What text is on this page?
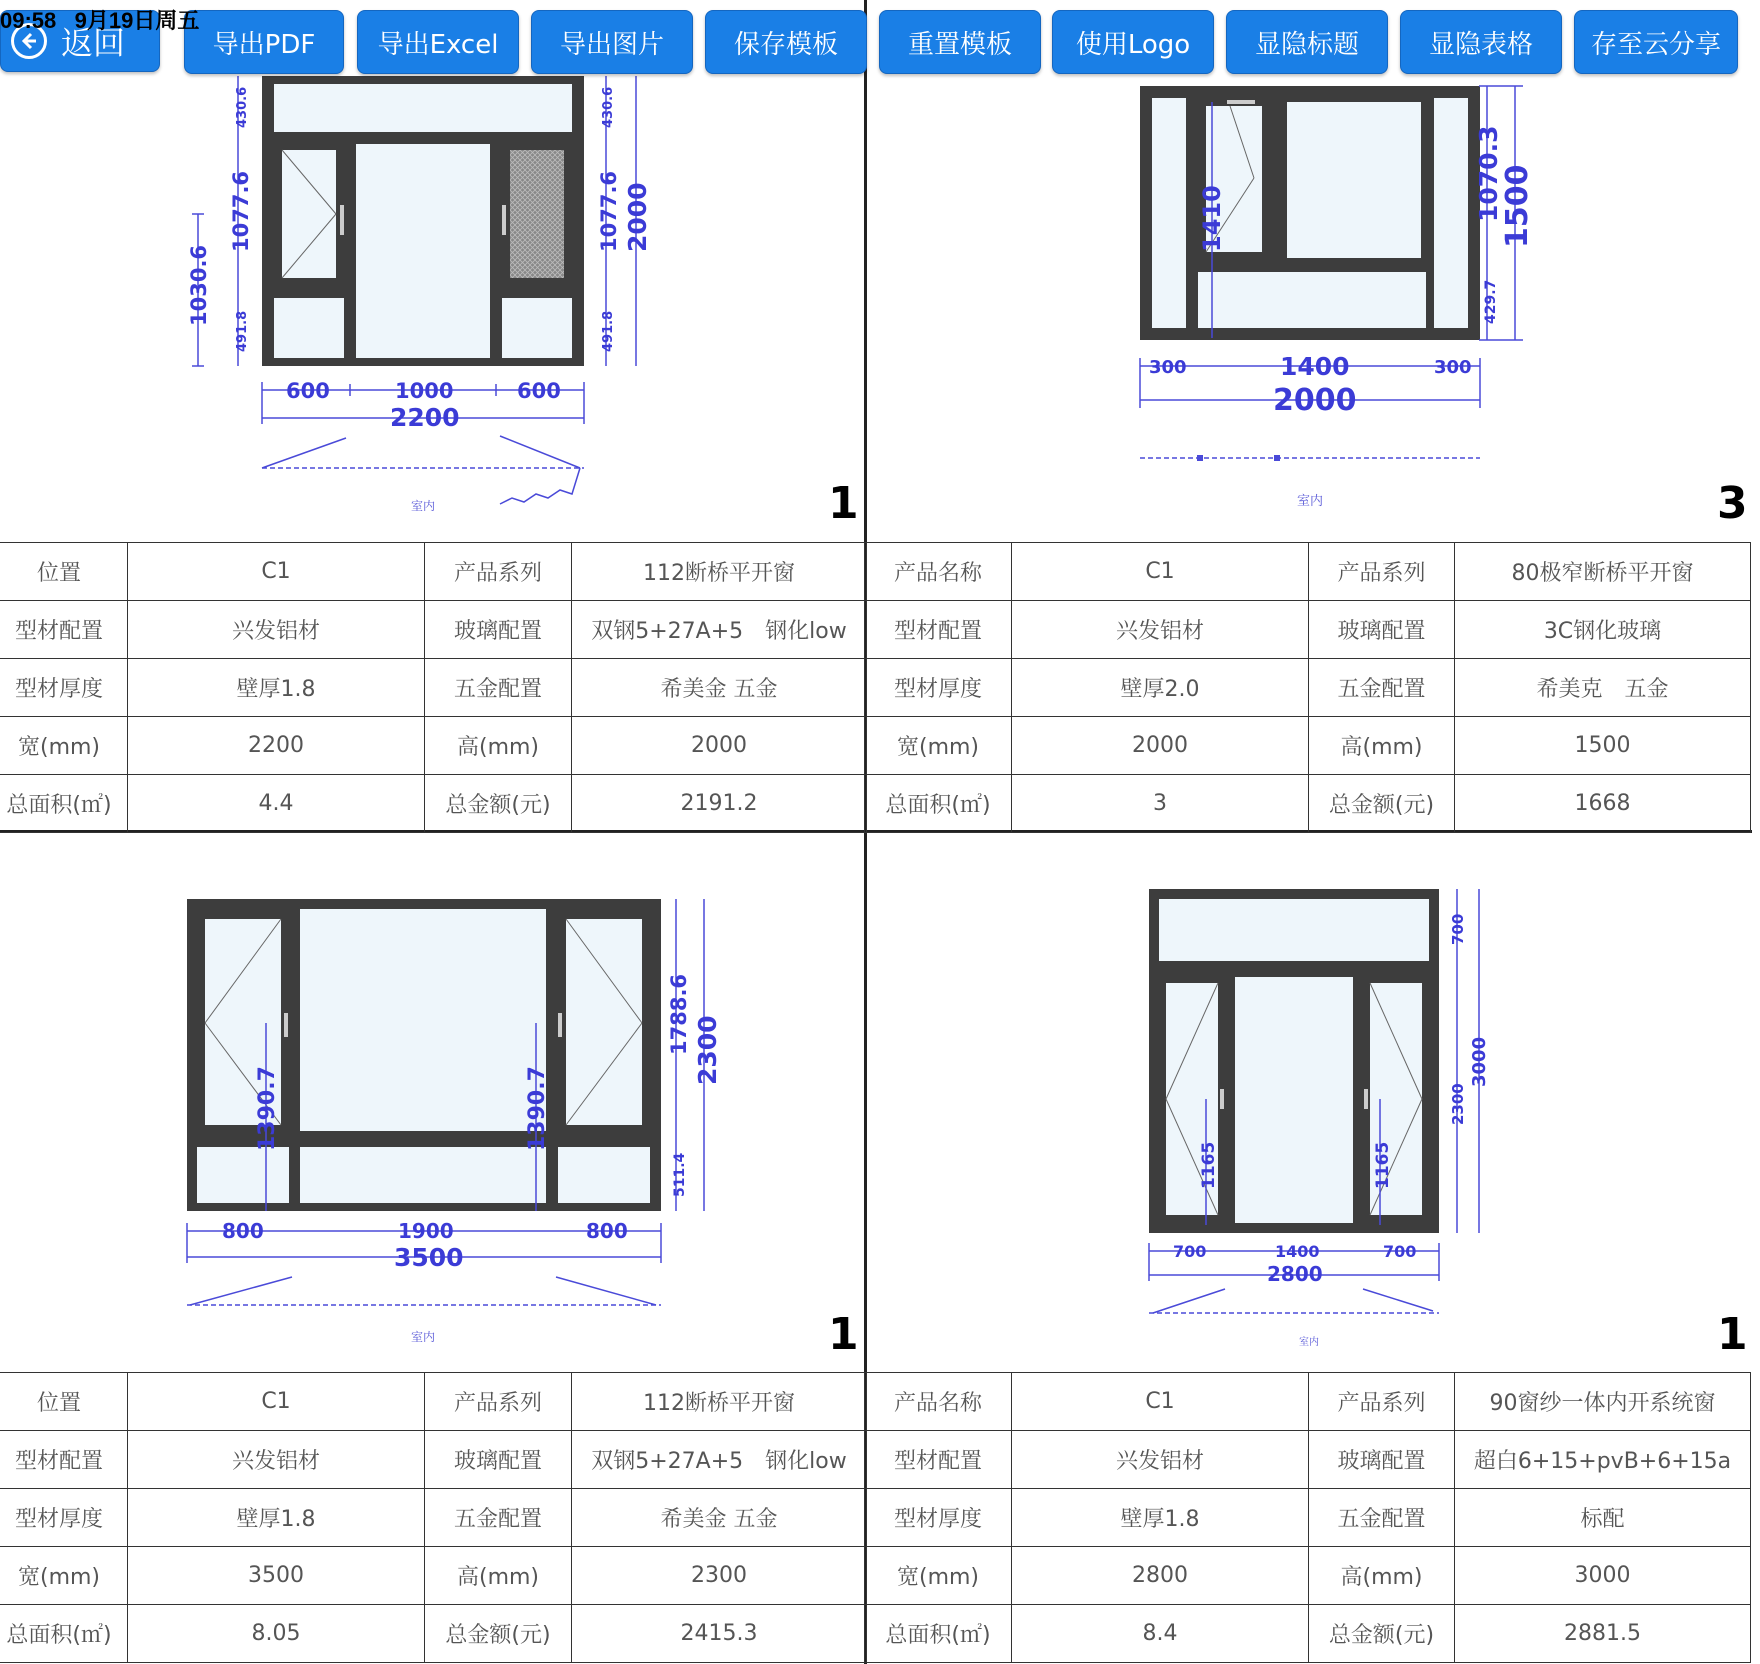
09:58 9月19日周五
返回	导出PDF	导出Excel	导出图片	保存模板	重置模板	使用Logo	显隐标题	显隐表格	存至云分享
600	1000	600
2200
1030.6
1077.6
430.6
491.8
1077.6 2000
430.6
491.8
室内	1
位置	C1	产品系列	112断桥平开窗
型材配置	兴发铝材	玻璃配置	双钢5+27A+5　钢化low
型材厚度	壁厚1.8	五金配置	希美金 五金
宽(mm)	2200	高(mm)	2000
总面积(㎡)	4.4	总金额(元)	2191.2
1410	1070.3
1500
429.7
300	1400	300
2000
室内	3
产品名称	C1	产品系列	80极窄断桥平开窗
型材配置	兴发铝材	玻璃配置	3C钢化玻璃
型材厚度	壁厚2.0	五金配置	希美克　五金
宽(mm)	2000	高(mm)	1500
总面积(㎡)	3	总金额(元)	1668
1390.7	1390.7
1788.6 2300
511.4
800	1900	800
3500
室内	1
位置	C1	产品系列	112断桥平开窗
型材配置	兴发铝材	玻璃配置	双钢5+27A+5　钢化low
型材厚度	壁厚1.8	五金配置	希美金 五金
宽(mm)	3500	高(mm)	2300
总面积(㎡)	8.05	总金额(元)	2415.3
1165	1165
700
2300
3000
700	1400	700
2800
室内	1
产品名称	C1	产品系列	90窗纱一体内开系统窗
型材配置	兴发铝材	玻璃配置	超白6+15+pvB+6+15a
型材厚度	壁厚1.8	五金配置	标配
宽(mm)	2800	高(mm)	3000
总面积(㎡)	8.4	总金额(元)	2881.5
